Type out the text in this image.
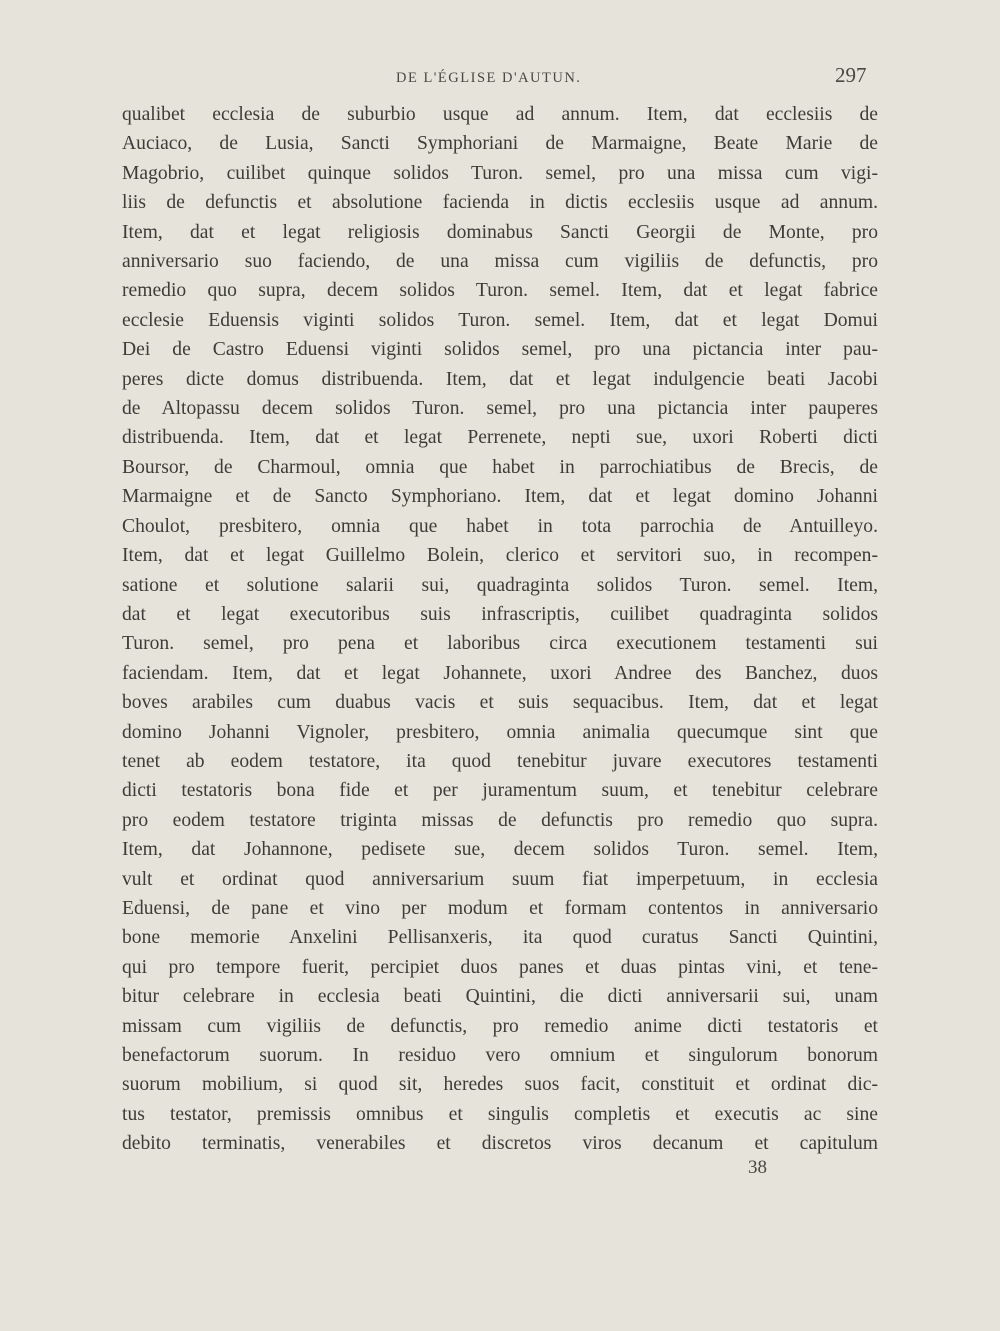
DE L'ÉGLISE D'AUTUN.	297
qualibet ecclesia de suburbio usque ad annum. Item, dat ecclesiis de
Auciaco, de Lusia, Sancti Symphoriani de Marmaigne, Beate Marie de
Magobrio, cuilibet quinque solidos Turon. semel, pro una missa cum vigi-
liis de defunctis et absolutione facienda in dictis ecclesiis usque ad annum.
Item, dat et legat religiosis dominabus Sancti Georgii de Monte, pro
anniversario suo faciendo, de una missa cum vigiliis de defunctis, pro
remedio quo supra, decem solidos Turon. semel. Item, dat et legat fabrice
ecclesie Eduensis viginti solidos Turon. semel. Item, dat et legat Domui
Dei de Castro Eduensi viginti solidos semel, pro una pictancia inter pau-
peres dicte domus distribuenda. Item, dat et legat indulgencie beati Jacobi
de Altopassu decem solidos Turon. semel, pro una pictancia inter pauperes
distribuenda. Item, dat et legat Perrenete, nepti sue, uxori Roberti dicti
Boursor, de Charmoul, omnia que habet in parrochiatibus de Brecis, de
Marmaigne et de Sancto Symphoriano. Item, dat et legat domino Johanni
Choulot, presbitero, omnia que habet in tota parrochia de Antuilleyo.
Item, dat et legat Guillelmo Bolein, clerico et servitori suo, in recompen-
satione et solutione salarii sui, quadraginta solidos Turon. semel. Item,
dat et legat executoribus suis infrascriptis, cuilibet quadraginta solidos
Turon. semel, pro pena et laboribus circa executionem testamenti sui
faciendam. Item, dat et legat Johannete, uxori Andree des Banchez, duos
boves arabiles cum duabus vacis et suis sequacibus. Item, dat et legat
domino Johanni Vignoler, presbitero, omnia animalia quecumque sint que
tenet ab eodem testatore, ita quod tenebitur juvare executores testamenti
dicti testatoris bona fide et per juramentum suum, et tenebitur celebrare
pro eodem testatore triginta missas de defunctis pro remedio quo supra.
Item, dat Johannone, pedisete sue, decem solidos Turon. semel. Item,
vult et ordinat quod anniversarium suum fiat imperpetuum, in ecclesia
Eduensi, de pane et vino per modum et formam contentos in anniversario
bone memorie Anxelini Pellisanxeris, ita quod curatus Sancti Quintini,
qui pro tempore fuerit, percipiet duos panes et duas pintas vini, et tene-
bitur celebrare in ecclesia beati Quintini, die dicti anniversarii sui, unam
missam cum vigiliis de defunctis, pro remedio anime dicti testatoris et
benefactorum suorum. In residuo vero omnium et singulorum bonorum
suorum mobilium, si quod sit, heredes suos facit, constituit et ordinat dic-
tus testator, premissis omnibus et singulis completis et executis ac sine
debito terminatis, venerabiles et discretos viros decanum et capitulum
38
